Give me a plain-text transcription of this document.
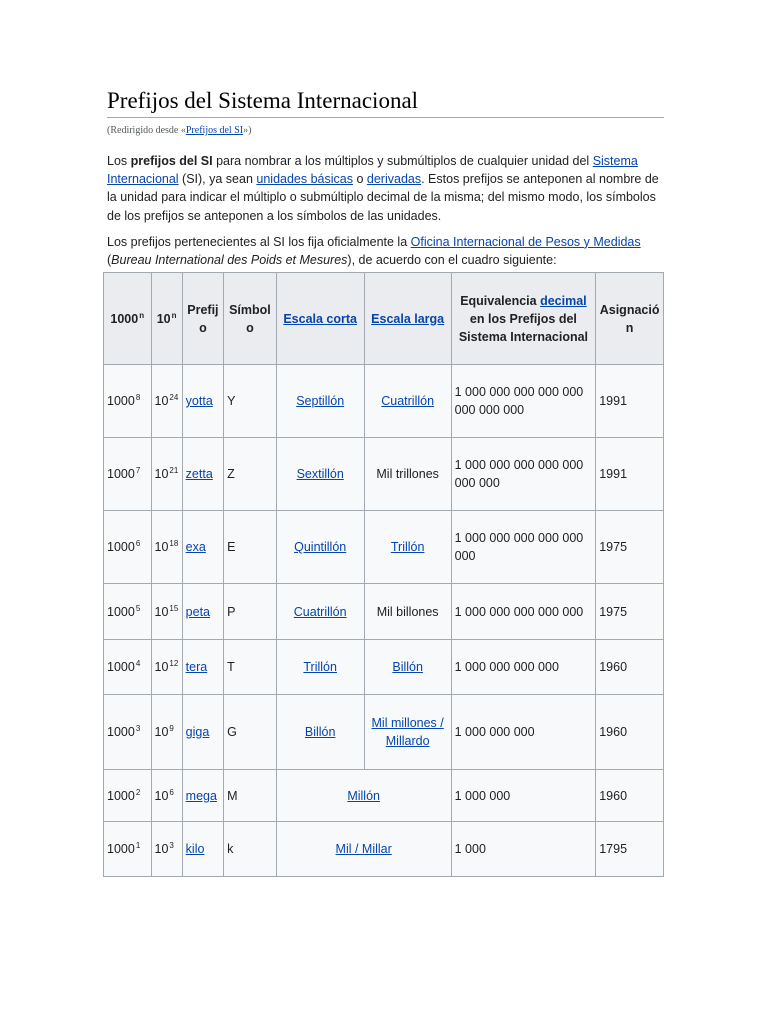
Prefijos del Sistema Internacional
(Redirigido desde «Prefijos del SI»)

Los prefijos del SI para nombrar a los múltiplos y submúltiplos de cualquier unidad del Sistema Internacional (SI), ya sean unidades básicas o derivadas. Estos prefijos se anteponen al nombre de la unidad para indicar el múltiplo o submúltiplo decimal de la misma; del mismo modo, los símbolos de los prefijos se anteponen a los símbolos de las unidades.

Los prefijos pertenecientes al SI los fija oficialmente la Oficina Internacional de Pesos y Medidas (Bureau International des Poids et Mesures), de acuerdo con el cuadro siguiente:

1000$^n$	10$^n$	Prefij o	Símbol o	Escala corta	Escala larga	Equivalencia decimal en los Prefijos del Sistema Internacional	Asignació n
1000$^8$	$10^{24}$	yotta	Y	Septillón	Cuatrillón	1 000 000 000 000 000 000 000 000	1991
1000$^7$	$10^{21}$	zetta	Z	Sextillón	Mil trillones	1 000 000 000 000 000 000 000	1991
1000$^6$	$10^{18}$	exa	E	Quintillón	Trillón	1 000 000 000 000 000 000	1975
1000$^5$	$10^{15}$	peta	P	Cuatrillón	Mil billones	1 000 000 000 000 000	1975
1000$^4$	$10^{12}$	tera	T	Trillón	Billón	1 000 000 000 000	1960
1000$^3$	$10^9$	giga	G	Billón	Mil millones / Millardo	1 000 000 000	1960
1000$^2$	$10^6$	mega	M	Millón		1 000 000	1960
1000$^1$	$10^3$	kilo	k	Mil / Millar		1 000	1795
